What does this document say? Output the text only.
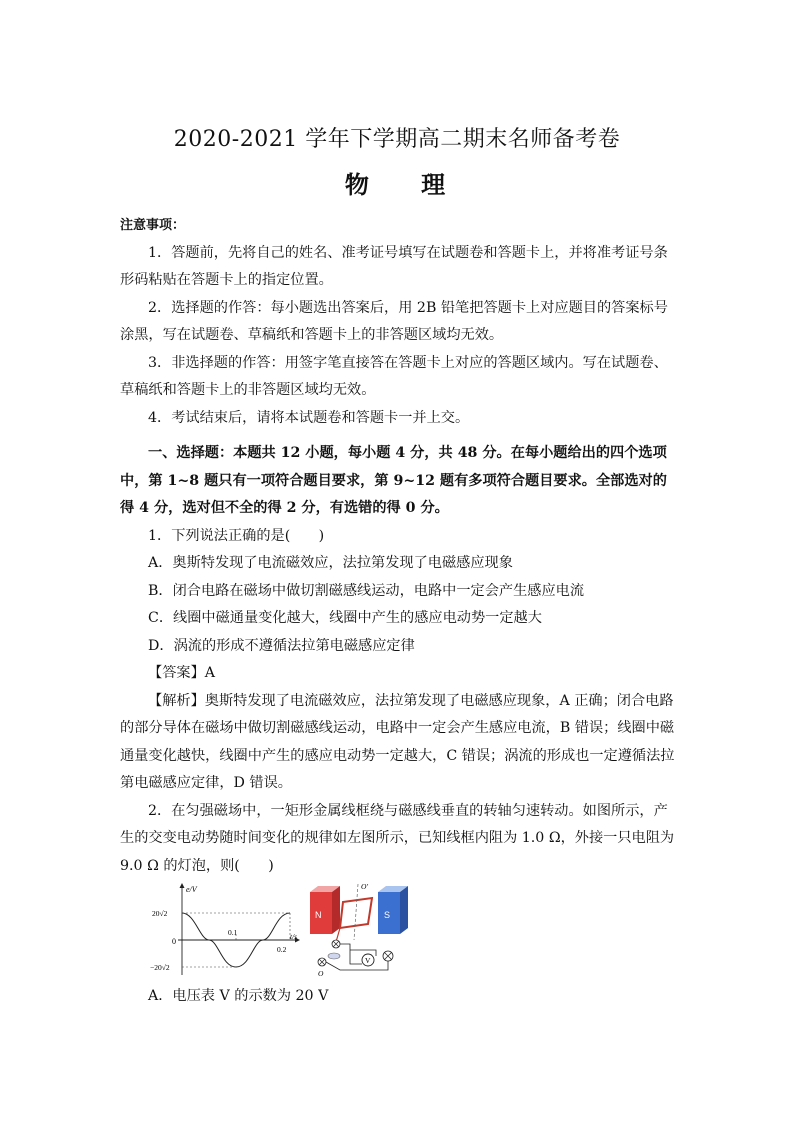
2020-2021 学年下学期高二期末名师备考卷
物 理

注意事项：

1．答题前，先将自己的姓名、准考证号填写在试题卷和答题卡上，并将准考证号条形码粘贴在答题卡上的指定位置。

2．选择题的作答：每小题选出答案后，用 2B 铅笔把答题卡上对应题目的答案标号涂黑，写在试题卷、草稿纸和答题卡上的非答题区域均无效。

3．非选择题的作答：用签字笔直接答在答题卡上对应的答题区域内。写在试题卷、草稿纸和答题卡上的非答题区域均无效。

4．考试结束后，请将本试题卷和答题卡一并上交。

一、选择题：本题共 12 小题，每小题 4 分，共 48 分。在每小题给出的四个选项中，第 1~8 题只有一项符合题目要求，第 9~12 题有多项符合题目要求。全部选对的得 4 分，选对但不全的得 2 分，有选错的得 0 分。

1．下列说法正确的是(　　)

A．奥斯特发现了电流磁效应，法拉第发现了电磁感应现象

B．闭合电路在磁场中做切割磁感线运动，电路中一定会产生感应电流

C．线圈中磁通量变化越大，线圈中产生的感应电动势一定越大

D．涡流的形成不遵循法拉第电磁感应定律

【答案】A

【解析】奥斯特发现了电流磁效应，法拉第发现了电磁感应现象，A 正确；闭合电路的部分导体在磁场中做切割磁感线运动，电路中一定会产生感应电流，B 错误；线圈中磁通量变化越快，线圈中产生的感应电动势一定越大，C 错误；涡流的形成也一定遵循法拉第电磁感应定律，D 错误。

2．在匀强磁场中，一矩形金属线框绕与磁感线垂直的转轴匀速转动。如图所示，产生的交变电动势随时间变化的规律如左图所示，已知线框内阻为 1.0 Ω，外接一只电阻为 9.0 Ω 的灯泡，则(　　)

e/V
20√2
−20√2
0
0.1
0.2
t/s
N	S
O′
O
V
A．电压表 V 的示数为 20 V
